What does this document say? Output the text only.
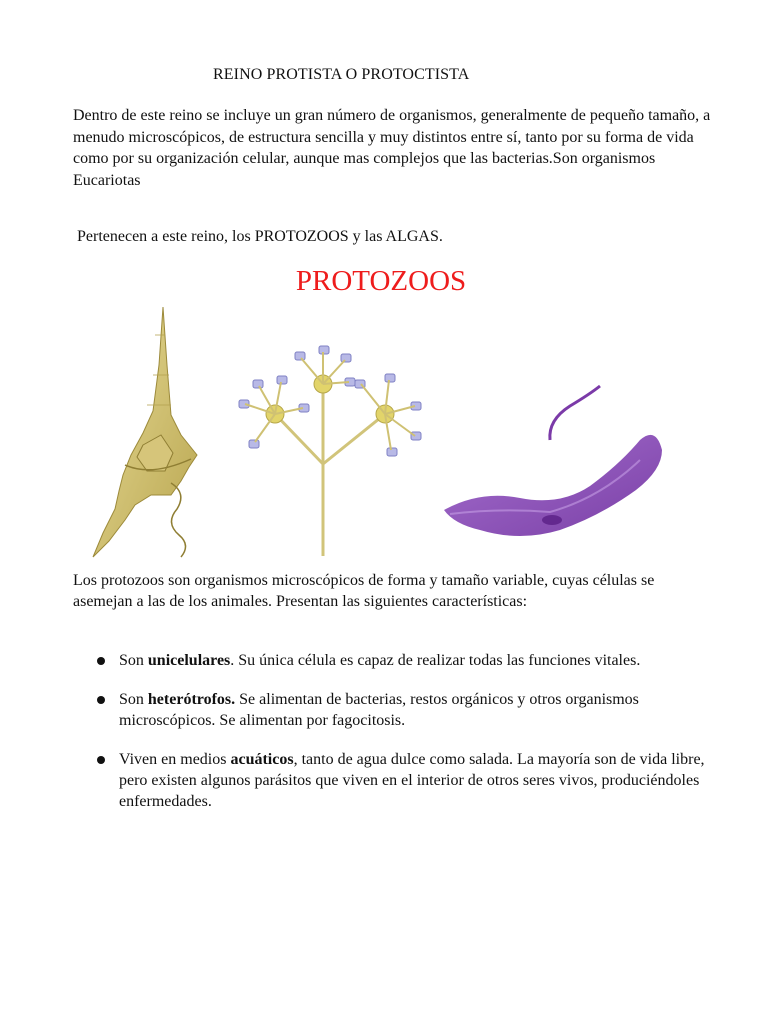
REINO PROTISTA O PROTOCTISTA

Dentro de este reino se incluye un gran número de organismos, generalmente de pequeño tamaño, a menudo microscópicos, de estructura sencilla y muy distintos entre sí, tanto por su forma de vida como por su organización celular, aunque mas complejos que las bacterias.Son organismos Eucariotas

Pertenecen a este reino, los PROTOZOOS y las ALGAS.

PROTOZOOS

Los protozoos son organismos microscópicos de forma y tamaño variable, cuyas células se asemejan a las de los animales. Presentan las siguientes características:

Son unicelulares. Su única célula es capaz de realizar todas las funciones vitales.
Son heterótrofos. Se alimentan de bacterias, restos orgánicos y otros organismos microscópicos. Se alimentan por fagocitosis.
Viven en medios acuáticos, tanto de agua dulce como salada. La mayoría son de vida libre, pero existen algunos parásitos que viven en el interior de otros seres vivos, produciéndoles enfermedades.
